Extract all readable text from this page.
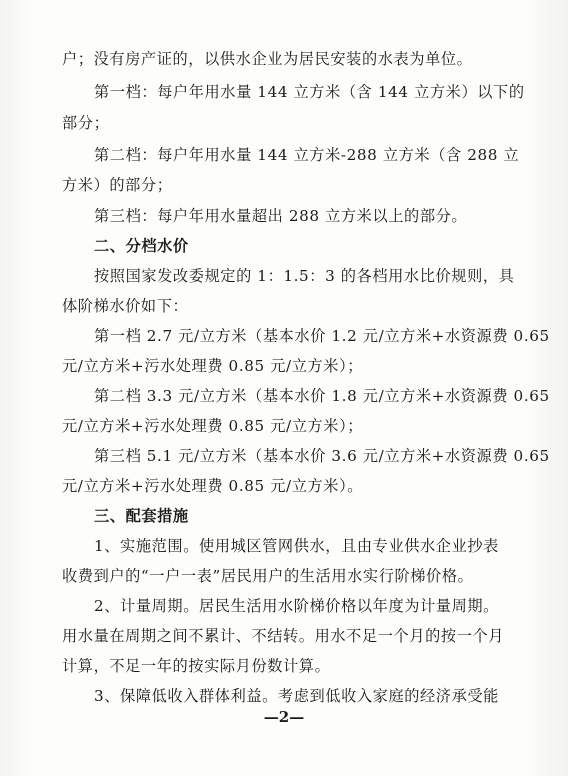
户；没有房产证的，以供水企业为居民安装的水表为单位。
第一档：每户年用水量 144 立方米（含 144 立方米）以下的
部分；
第二档：每户年用水量 144 立方米-288 立方米（含 288 立
方米）的部分；
第三档：每户年用水量超出 288 立方米以上的部分。
二、分档水价
按照国家发改委规定的 1：1.5：3 的各档用水比价规则，具
体阶梯水价如下：
第一档 2.7 元/立方米（基本水价 1.2 元/立方米+水资源费 0.65
元/立方米+污水处理费 0.85 元/立方米）；
第二档 3.3 元/立方米（基本水价 1.8 元/立方米+水资源费 0.65
元/立方米+污水处理费 0.85 元/立方米）；
第三档 5.1 元/立方米（基本水价 3.6 元/立方米+水资源费 0.65
元/立方米+污水处理费 0.85 元/立方米）。
三、配套措施
1、实施范围。使用城区管网供水，且由专业供水企业抄表
收费到户的“一户一表”居民用户的生活用水实行阶梯价格。
2、计量周期。居民生活用水阶梯价格以年度为计量周期。
用水量在周期之间不累计、不结转。用水不足一个月的按一个月
计算，不足一年的按实际月份数计算。
3、保障低收入群体利益。考虑到低收入家庭的经济承受能
—2—
